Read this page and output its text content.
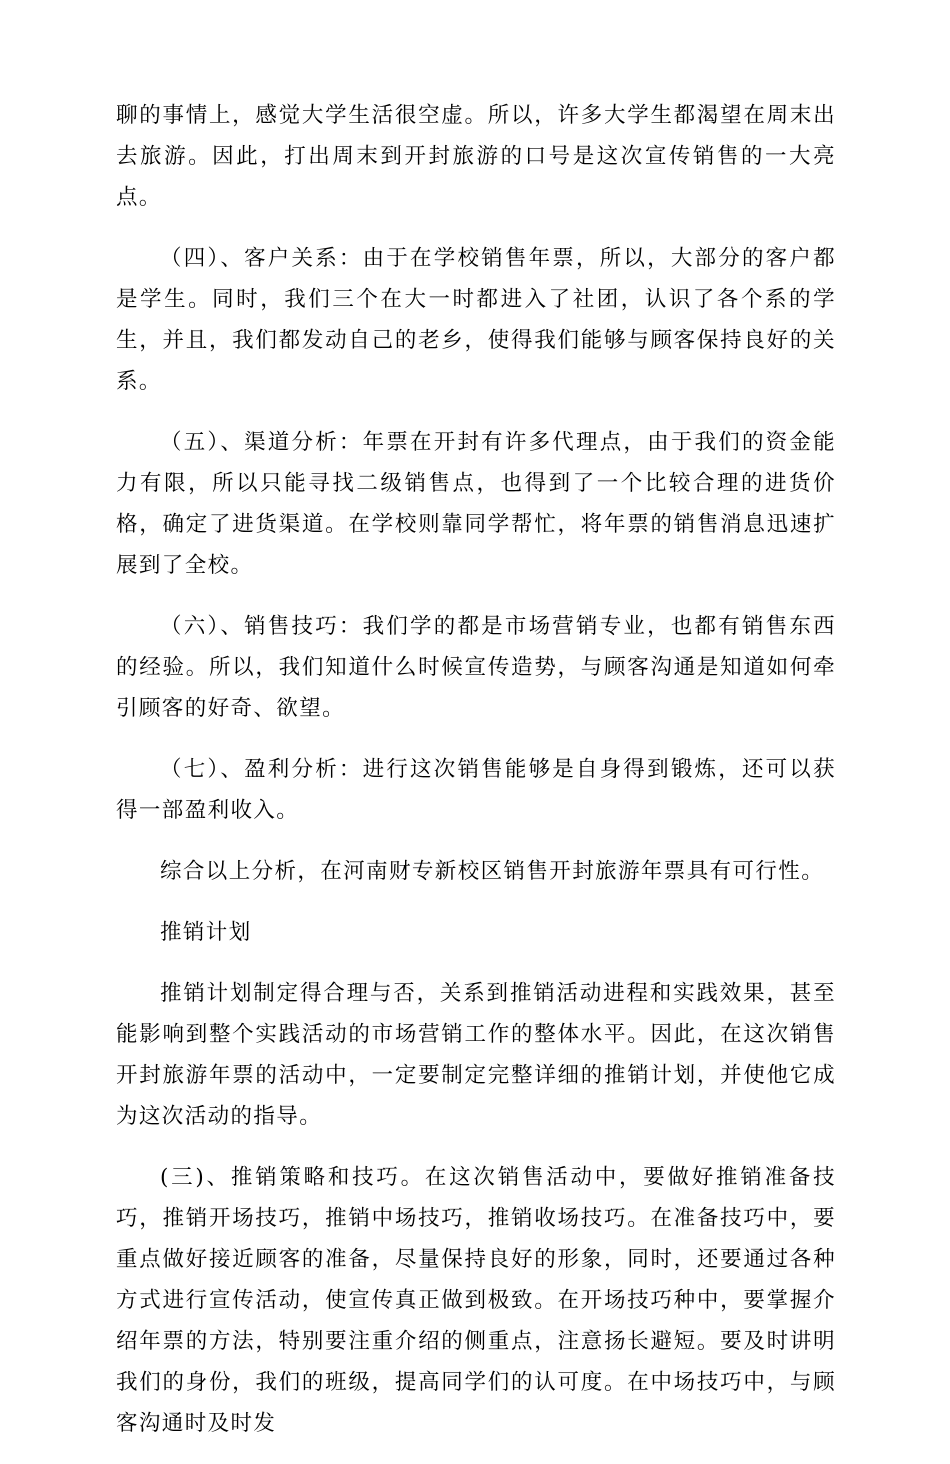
聊的事情上，感觉大学生活很空虚。所以，许多大学生都渴望在周末出去旅游。因此，打出周末到开封旅游的口号是这次宣传销售的一大亮点。

（四）、客户关系：由于在学校销售年票，所以，大部分的客户都是学生。同时，我们三个在大一时都进入了社团，认识了各个系的学生，并且，我们都发动自己的老乡，使得我们能够与顾客保持良好的关系。

（五）、渠道分析：年票在开封有许多代理点，由于我们的资金能力有限，所以只能寻找二级销售点，也得到了一个比较合理的进货价格，确定了进货渠道。在学校则靠同学帮忙，将年票的销售消息迅速扩展到了全校。

（六）、销售技巧：我们学的都是市场营销专业，也都有销售东西的经验。所以，我们知道什么时候宣传造势，与顾客沟通是知道如何牵引顾客的好奇、欲望。

（七）、盈利分析：进行这次销售能够是自身得到锻炼，还可以获得一部盈利收入。

综合以上分析，在河南财专新校区销售开封旅游年票具有可行性。

推销计划

推销计划制定得合理与否，关系到推销活动进程和实践效果，甚至能影响到整个实践活动的市场营销工作的整体水平。因此，在这次销售开封旅游年票的活动中，一定要制定完整详细的推销计划，并使他它成为这次活动的指导。

(三)、推销策略和技巧。在这次销售活动中，要做好推销准备技巧，推销开场技巧，推销中场技巧，推销收场技巧。在准备技巧中，要重点做好接近顾客的准备，尽量保持良好的形象，同时，还要通过各种方式进行宣传活动，使宣传真正做到极致。在开场技巧种中，要掌握介绍年票的方法，特别要注重介绍的侧重点，注意扬长避短。要及时讲明我们的身份，我们的班级，提高同学们的认可度。在中场技巧中，与顾客沟通时及时发
